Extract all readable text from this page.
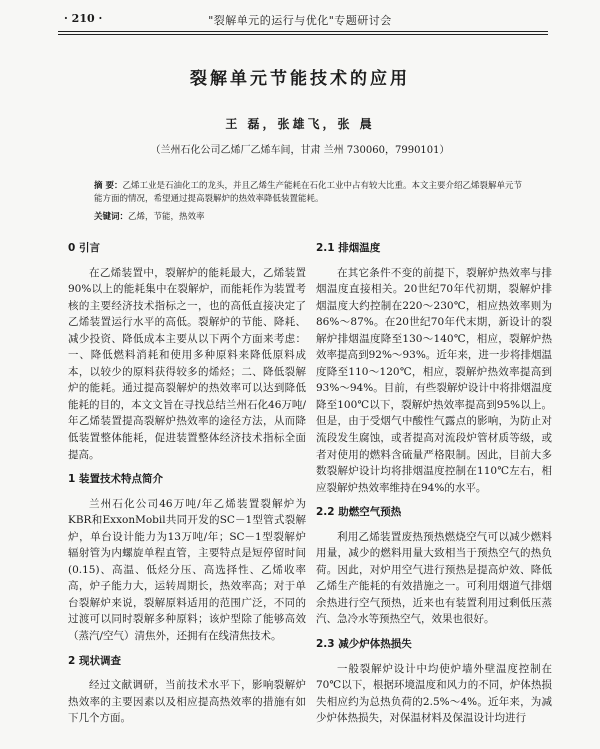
· 210 ·	"裂解单元的运行与优化"专题研讨会
裂解单元节能技术的应用
王 磊，张雄飞，张 晨
（兰州石化公司乙烯厂乙烯车间，甘肃 兰州 730060，7990101）
摘 要：乙烯工业是石油化工的龙头，并且乙烯生产能耗在石化工业中占有较大比重。本文主要介绍乙烯裂解单元节能方面的情况，希望通过提高裂解炉的热效率降低装置能耗。
关键词：乙烯，节能，热效率
0 引言

在乙烯装置中，裂解炉的能耗最大，乙烯装置90%以上的能耗集中在裂解炉，而能耗作为装置考核的主要经济技术指标之一，也的高低直接决定了乙烯装置运行水平的高低。裂解炉的节能、降耗、减少投资、降低成本主要从以下两个方面来考虑：一、降低燃料消耗和使用多种原料来降低原料成本，以较少的原料获得较多的烯烃；二、降低裂解炉的能耗。通过提高裂解炉的热效率可以达到降低能耗的目的，本文文旨在寻找总结兰州石化46万吨/年乙烯装置提高裂解炉热效率的途径方法，从而降低装置整体能耗，促进装置整体经济技术指标全面提高。

1 装置技术特点简介

兰州石化公司46万吨/年乙烯装置裂解炉为KBR和ExxonMobil共同开发的SC－1型管式裂解炉，单台设计能力为13万吨/年；SC－1型裂解炉辐射管为内螺旋单程直管，主要特点是短停留时间(0.15)、高温、低烃分压、高选择性、乙烯收率高，炉子能力大，运转周期长，热效率高；对于单台裂解炉来说，裂解原料适用的范围广泛，不同的过渡可以同时裂解多种原料；该炉型除了能够高效（蒸汽/空气）清焦外，还拥有在线清焦技术。

2 现状调查

经过文献调研，当前技术水平下，影响裂解炉热效率的主要因素以及相应提高热效率的措施有如下几个方面。

2.1 排烟温度

在其它条件不变的前提下，裂解炉热效率与排烟温度直接相关。20世纪70年代初期，裂解炉排烟温度大约控制在220～230℃，相应热效率则为86%～87%。在20世纪70年代末期，新设计的裂解炉排烟温度降至130～140℃，相应，裂解炉热效率提高到92%～93%。近年来，进一步将排烟温度降至110～120℃，相应，裂解炉热效率提高到93%～94%。目前，有些裂解炉设计中将排烟温度降至100℃以下，裂解炉热效率提高到95%以上。但是，由于受烟气中酸性气露点的影响，为防止对流段发生腐蚀，或者提高对流段炉管材质等级，或者对使用的燃料含硫量严格限制。因此，目前大多数裂解炉设计均将排烟温度控制在110℃左右，相应裂解炉热效率维持在94%的水平。

2.2 助燃空气预热

利用乙烯装置废热预热燃烧空气可以减少燃料用量，减少的燃料用量大致相当于预热空气的热负荷。因此，对炉用空气进行预热是提高炉效、降低乙烯生产能耗的有效措施之一。可利用烟道气排烟余热进行空气预热，近来也有装置利用过剩低压蒸汽、急冷水等预热空气，效果也很好。

2.3 减少炉体热损失

一般裂解炉设计中均使炉墙外壁温度控制在70℃以下，根据环境温度和风力的不同，炉体热损失相应约为总热负荷的2.5%～4%。近年来，为减少炉体热损失，对保温材料及保温设计均进行
